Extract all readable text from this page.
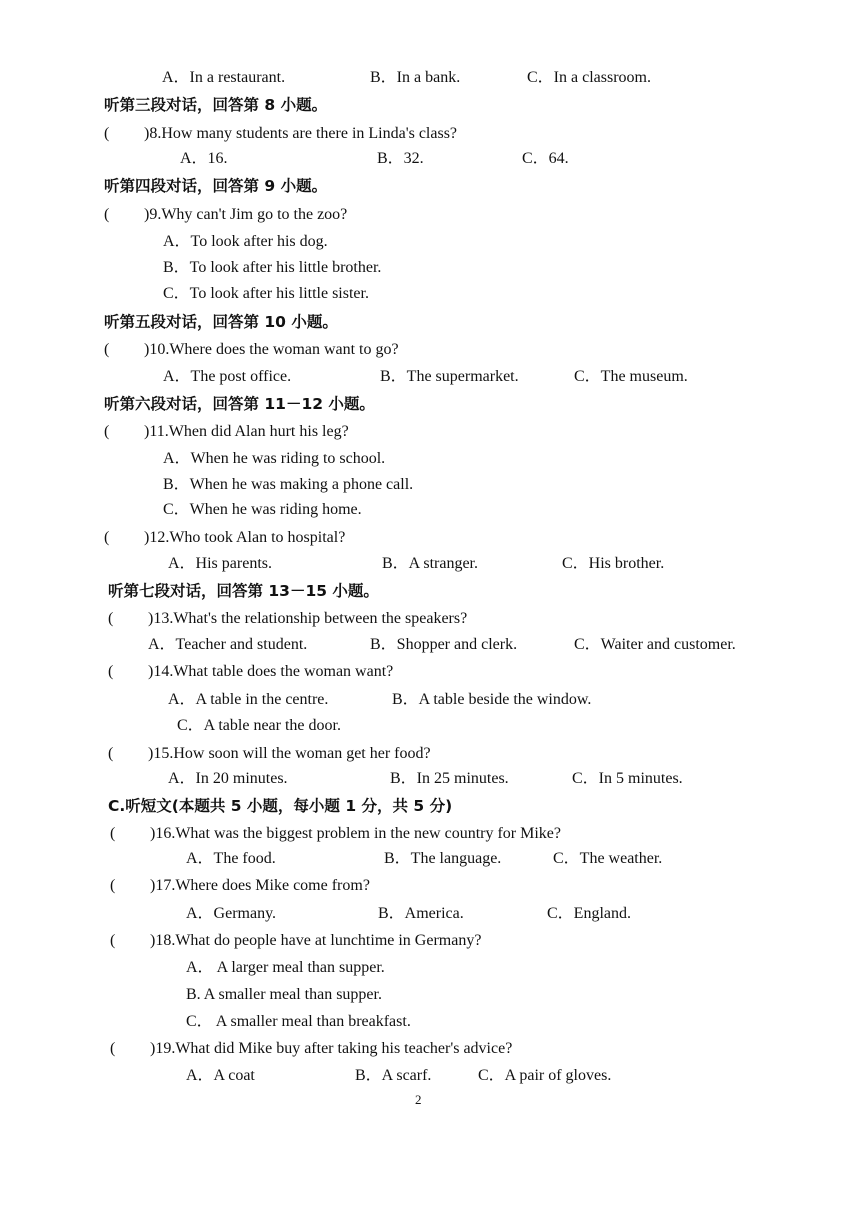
A．In a restaurant.	B．In a bank.	C．In a classroom.
听第三段对话，回答第 8 小题。
( )8.How many students are there in Linda's class?
A．16.	B．32.	C．64.
听第四段对话，回答第 9 小题。
( )9.Why can't Jim go to the zoo?
A．To look after his dog.
B．To look after his little brother.
C．To look after his little sister.
听第五段对话，回答第 10 小题。
( )10.Where does the woman want to go?
A．The post office.	B．The supermarket.	C．The museum.
听第六段对话，回答第 11－12 小题。
( )11.When did Alan hurt his leg?
A．When he was riding to school.
B．When he was making a phone call.
C．When he was riding home.
( )12.Who took Alan to hospital?
A．His parents.	B．A stranger.	C．His brother.
听第七段对话，回答第 13－15 小题。
( )13.What's the relationship between the speakers?
A．Teacher and student.	B．Shopper and clerk.	C．Waiter and customer.
( )14.What table does the woman want?
A．A table in the centre.	B．A table beside the window.
C．A table near the door.
( )15.How soon will the woman get her food?
A．In 20 minutes.	B．In 25 minutes.	C．In 5 minutes.
C.听短文(本题共 5 小题，每小题 1 分，共 5 分)
( )16.What was the biggest problem in the new country for Mike?
A．The food.	B．The language.	C．The weather.
( )17.Where does Mike come from?
A．Germany.	B．America.	C．England.
( )18.What do people have at lunchtime in Germany?
A． A larger meal than supper.
B. A smaller meal than supper.
C． A smaller meal than breakfast.
( )19.What did Mike buy after taking his teacher's advice?
A．A coat	B．A scarf.	C．A pair of gloves.
2
